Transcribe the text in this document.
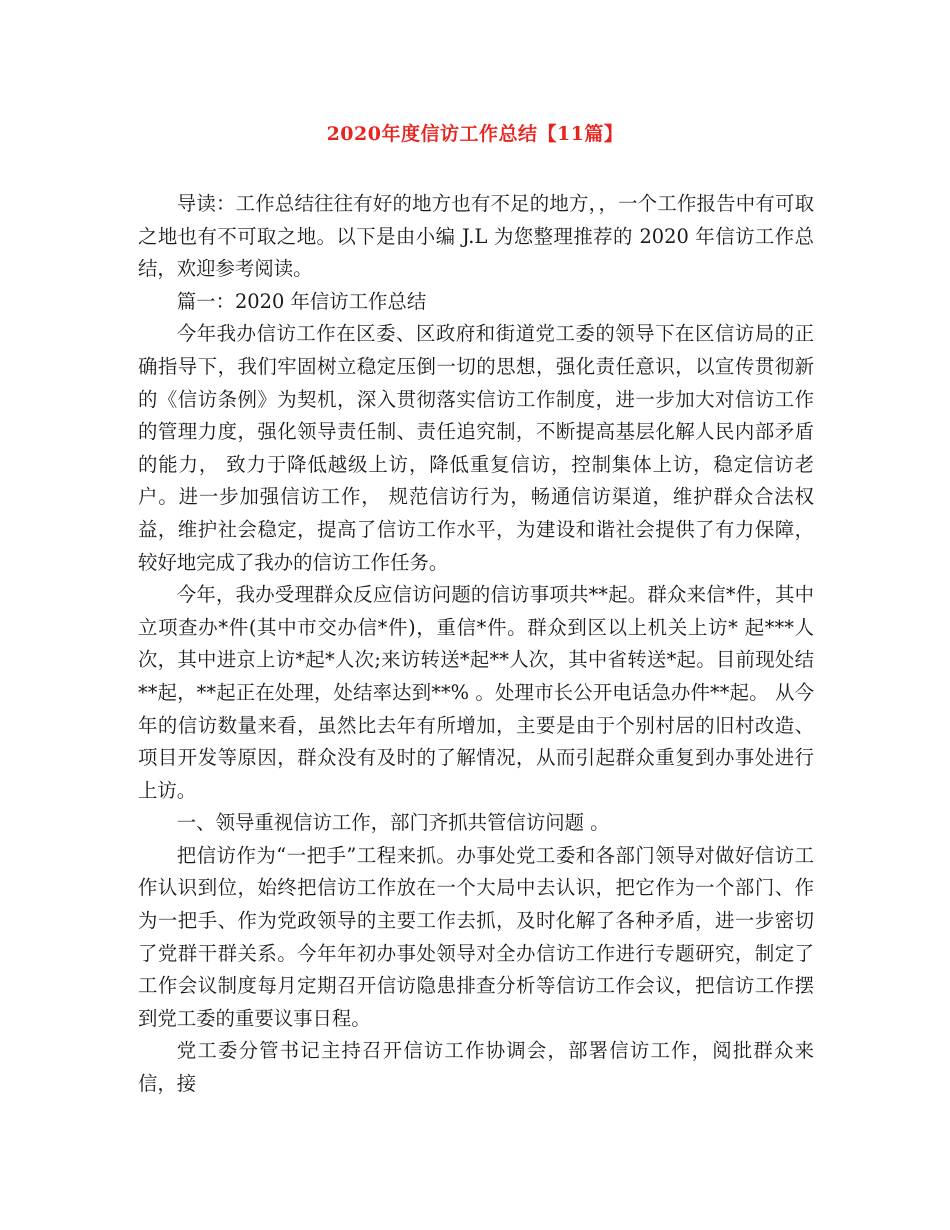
2020年度信访工作总结【11篇】

导读：工作总结往往有好的地方也有不足的地方，，一个工作报告中有可取之地也有不可取之地。以下是由小编 J.L 为您整理推荐的 2020 年信访工作总结，欢迎参考阅读。

篇一：2020 年信访工作总结

今年我办信访工作在区委、区政府和街道党工委的领导下在区信访局的正确指导下，我们牢固树立稳定压倒一切的思想，强化责任意识，以宣传贯彻新的《信访条例》为契机，深入贯彻落实信访工作制度，进一步加大对信访工作的管理力度，强化领导责任制、责任追究制，不断提高基层化解人民内部矛盾的能力， 致力于降低越级上访，降低重复信访，控制集体上访，稳定信访老户。进一步加强信访工作， 规范信访行为，畅通信访渠道，维护群众合法权益，维护社会稳定，提高了信访工作水平，为建设和谐社会提供了有力保障，较好地完成了我办的信访工作任务。

今年，我办受理群众反应信访问题的信访事项共**起。群众来信*件，其中立项查办*件(其中市交办信*件)，重信*件。群众到区以上机关上访* 起***人次，其中进京上访*起*人次;来访转送*起**人次，其中省转送*起。目前现处结**起，**起正在处理，处结率达到**% 。处理市长公开电话急办件**起。 从今年的信访数量来看，虽然比去年有所增加，主要是由于个别村居的旧村改造、项目开发等原因，群众没有及时的了解情况，从而引起群众重复到办事处进行上访。

一、领导重视信访工作，部门齐抓共管信访问题 。

把信访作为“一把手”工程来抓。办事处党工委和各部门领导对做好信访工作认识到位，始终把信访工作放在一个大局中去认识，把它作为一个部门、作为一把手、作为党政领导的主要工作去抓，及时化解了各种矛盾，进一步密切了党群干群关系。今年年初办事处领导对全办信访工作进行专题研究，制定了工作会议制度每月定期召开信访隐患排查分析等信访工作会议，把信访工作摆到党工委的重要议事日程。

党工委分管书记主持召开信访工作协调会，部署信访工作，阅批群众来信，接
